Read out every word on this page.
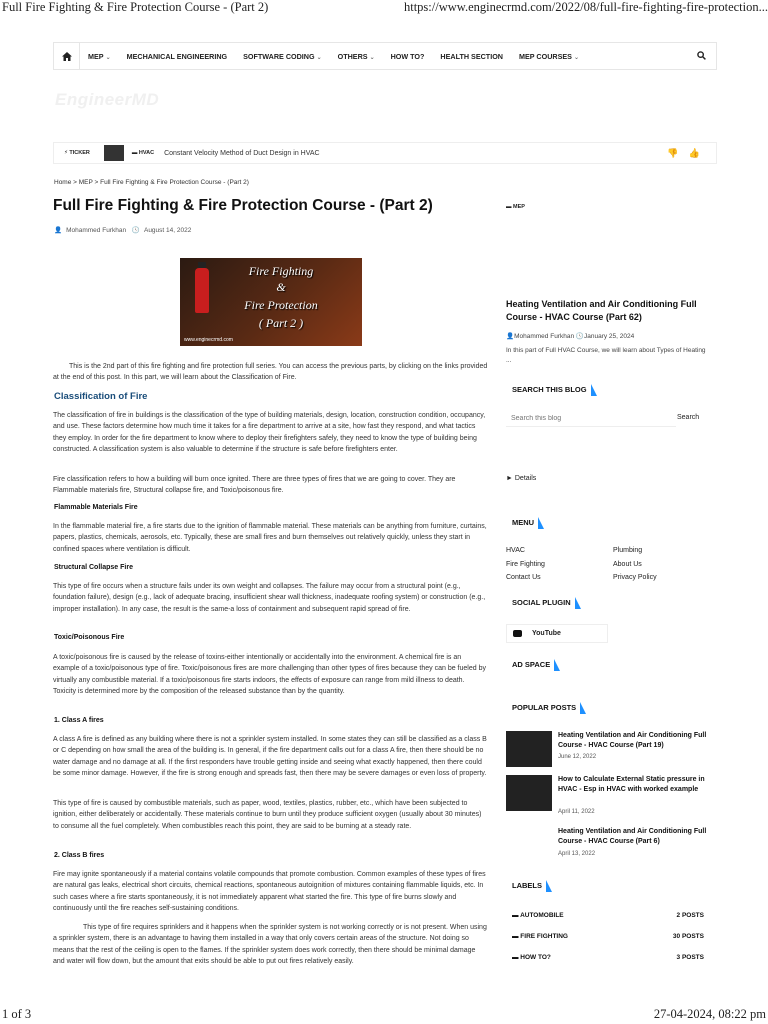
Full Fire Fighting & Fire Protection Course - (Part 2)	https://www.enginecrmd.com/2022/08/full-fire-fighting-fire-protection...
MEP ⌄	MECHANICAL ENGINEERING	SOFTWARE CODING ⌄	OTHERS ⌄	HOW TO?	HEALTH SECTION	MEP COURSES ⌄
EngineerMD
⚡ TICKER	▬ HVAC Constant Velocity Method of Duct Design in HVAC	👎 👍
Home > MEP > Full Fire Fighting & Fire Protection Course - (Part 2)
Full Fire Fighting & Fire Protection Course - (Part 2)
👤 Mohammed Furkhan 🕓 August 14, 2022
Fire Fighting
&
Fire Protection
( Part 2 )
www.enginecrmd.com

This is the 2nd part of this fire fighting and fire protection full series. You can access the previous parts, by clicking on the links provided at the end of this post. In this part, we will learn about the Classification of Fire.

Classification of Fire

The classification of fire in buildings is the classification of the type of building materials, design, location, construction condition, occupancy, and use. These factors determine how much time it takes for a fire department to arrive at a site, how fast they respond, and what tactics they employ. In order for the fire department to know where to deploy their firefighters safely, they need to know the type of building being constructed. A classification system is also valuable to determine if the structure is safe before firefighters enter.

Fire classification refers to how a building will burn once ignited. There are three types of fires that we are going to cover. They are Flammable materials fire, Structural collapse fire, and Toxic/poisonous fire.

Flammable Materials Fire

In the flammable material fire, a fire starts due to the ignition of flammable material. These materials can be anything from furniture, curtains, papers, plastics, chemicals, aerosols, etc. Typically, these are small fires and burn themselves out relatively quickly, unless they start in confined spaces where ventilation is difficult.

Structural Collapse Fire

This type of fire occurs when a structure fails under its own weight and collapses. The failure may occur from a structural point (e.g., foundation failure), design (e.g., lack of adequate bracing, insufficient shear wall thickness, inadequate roofing system) or construction (e.g., improper installation). In any case, the result is the same-a loss of containment and subsequent rapid spread of fire.

Toxic/Poisonous Fire

A toxic/poisonous fire is caused by the release of toxins-either intentionally or accidentally into the environment. A chemical fire is an example of a toxic/poisonous type of fire. Toxic/poisonous fires are more challenging than other types of fires because they can be fueled by virtually any combustible material. If a toxic/poisonous fire starts indoors, the effects of exposure can range from mild illness to death. Toxicity is determined more by the composition of the released substance than by the quantity.

1. Class A fires

A class A fire is defined as any building where there is not a sprinkler system installed. In some states they can still be classified as a class B or C depending on how small the area of the building is. In general, if the fire department calls out for a class A fire, then there should be no water damage and no damage at all. If the first responders have trouble getting inside and seeing what exactly happened, then there could be some minor damage. However, if the fire is strong enough and spreads fast, then there may be severe damages or even loss of property.

This type of fire is caused by combustible materials, such as paper, wood, textiles, plastics, rubber, etc., which have been subjected to ignition, either deliberately or accidentally. These materials continue to burn until they produce sufficient oxygen (usually about 30 minutes) to consume all the fuel completely. When combustibles reach this point, they are said to be burning at a steady rate.

2. Class B fires

Fire may ignite spontaneously if a material contains volatile compounds that promote combustion. Common examples of these types of fires are natural gas leaks, electrical short circuits, chemical reactions, spontaneous autoignition of mixtures containing flammable liquids, etc. In such cases where a fire starts spontaneously, it is not immediately apparent what started the fire. This type of fire burns slowly and continuously until the fire reaches self-sustaining conditions.

This type of fire requires sprinklers and it happens when the sprinkler system is not working correctly or is not present. When using a sprinkler system, there is an advantage to having them installed in a way that only covers certain areas of the structure. Not doing so means that the rest of the ceiling is open to the flames. If the sprinkler system does work correctly, then there should be minimal damage and water will flow down, but the amount that exits should be able to put out fires relatively easily.

▬ MEP
Heating Ventilation and Air Conditioning Full Course - HVAC Course (Part 62)
👤Mohammed Furkhan 🕓January 25, 2024
In this part of Full HVAC Course, we will learn about Types of Heating ...
SEARCH THIS BLOG
Search this blog
Search
► Details
MENU
HVAC
Fire Fighting
Contact Us
Plumbing
About Us
Privacy Policy
SOCIAL PLUGIN
YouTube
AD SPACE
POPULAR POSTS
Heating Ventilation and Air Conditioning Full Course - HVAC Course (Part 19)
June 12, 2022
How to Calculate External Static pressure in HVAC - Esp in HVAC with worked example
April 11, 2022
Heating Ventilation and Air Conditioning Full Course - HVAC Course (Part 6)
April 13, 2022
LABELS
▬ AUTOMOBILE	2 POSTS
▬ FIRE FIGHTING	30 POSTS
▬ HOW TO?	3 POSTS
1 of 3	27-04-2024, 08:22 pm
